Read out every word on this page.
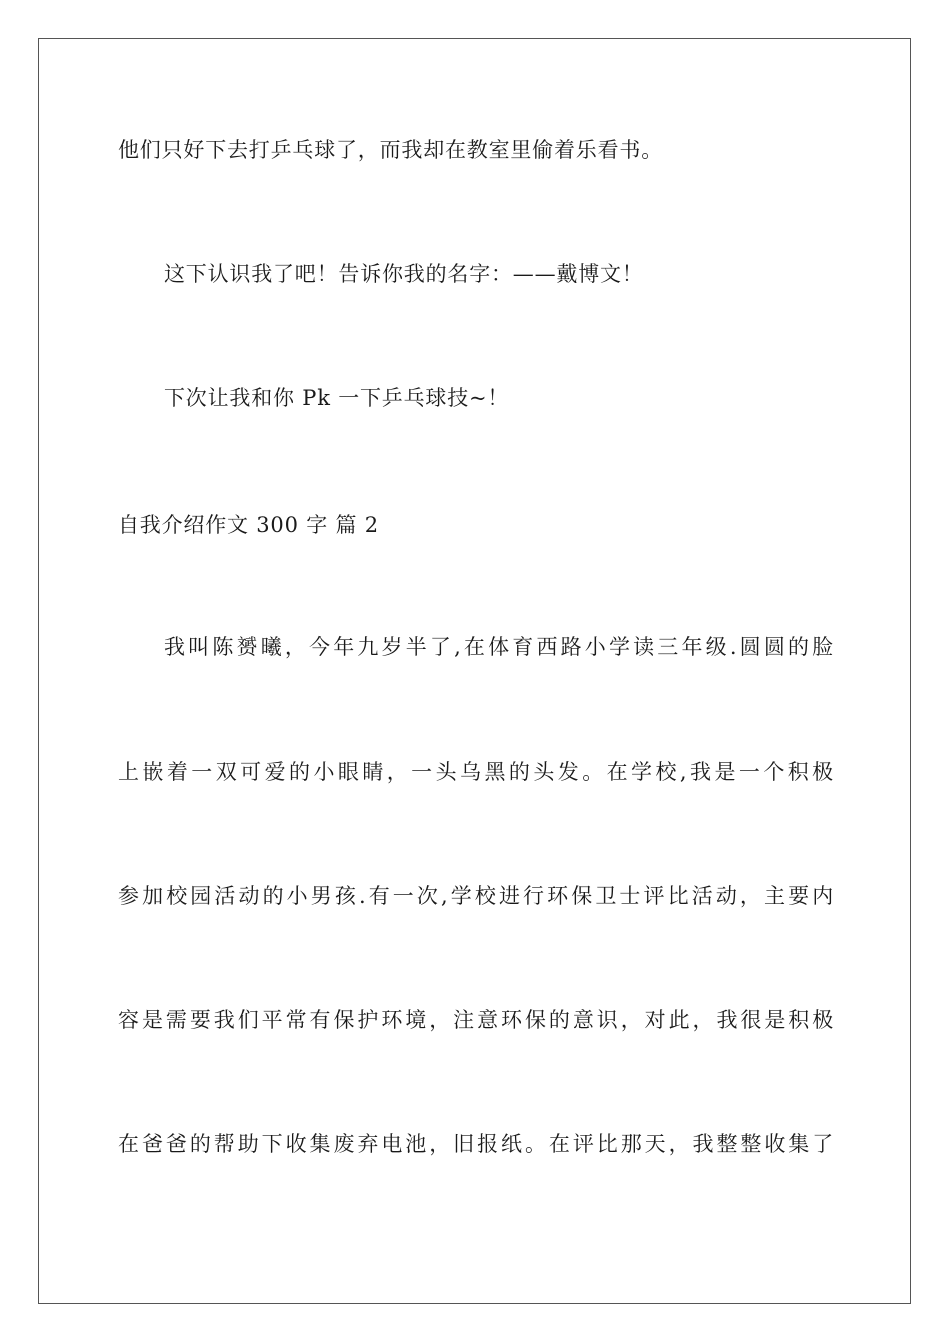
他们只好下去打乒乓球了，而我却在教室里偷着乐看书。
这下认识我了吧！告诉你我的名字：——戴博文！
下次让我和你 Pk 一下乒乓球技~！
自我介绍作文 300 字 篇 2
我叫陈赟曦，今年九岁半了,在体育西路小学读三年级.圆圆的脸
上嵌着一双可爱的小眼睛，一头乌黑的头发。在学校,我是一个积极
参加校园活动的小男孩.有一次,学校进行环保卫士评比活动，主要内
容是需要我们平常有保护环境，注意环保的意识，对此，我很是积极
在爸爸的帮助下收集废弃电池，旧报纸。在评比那天，我整整收集了
